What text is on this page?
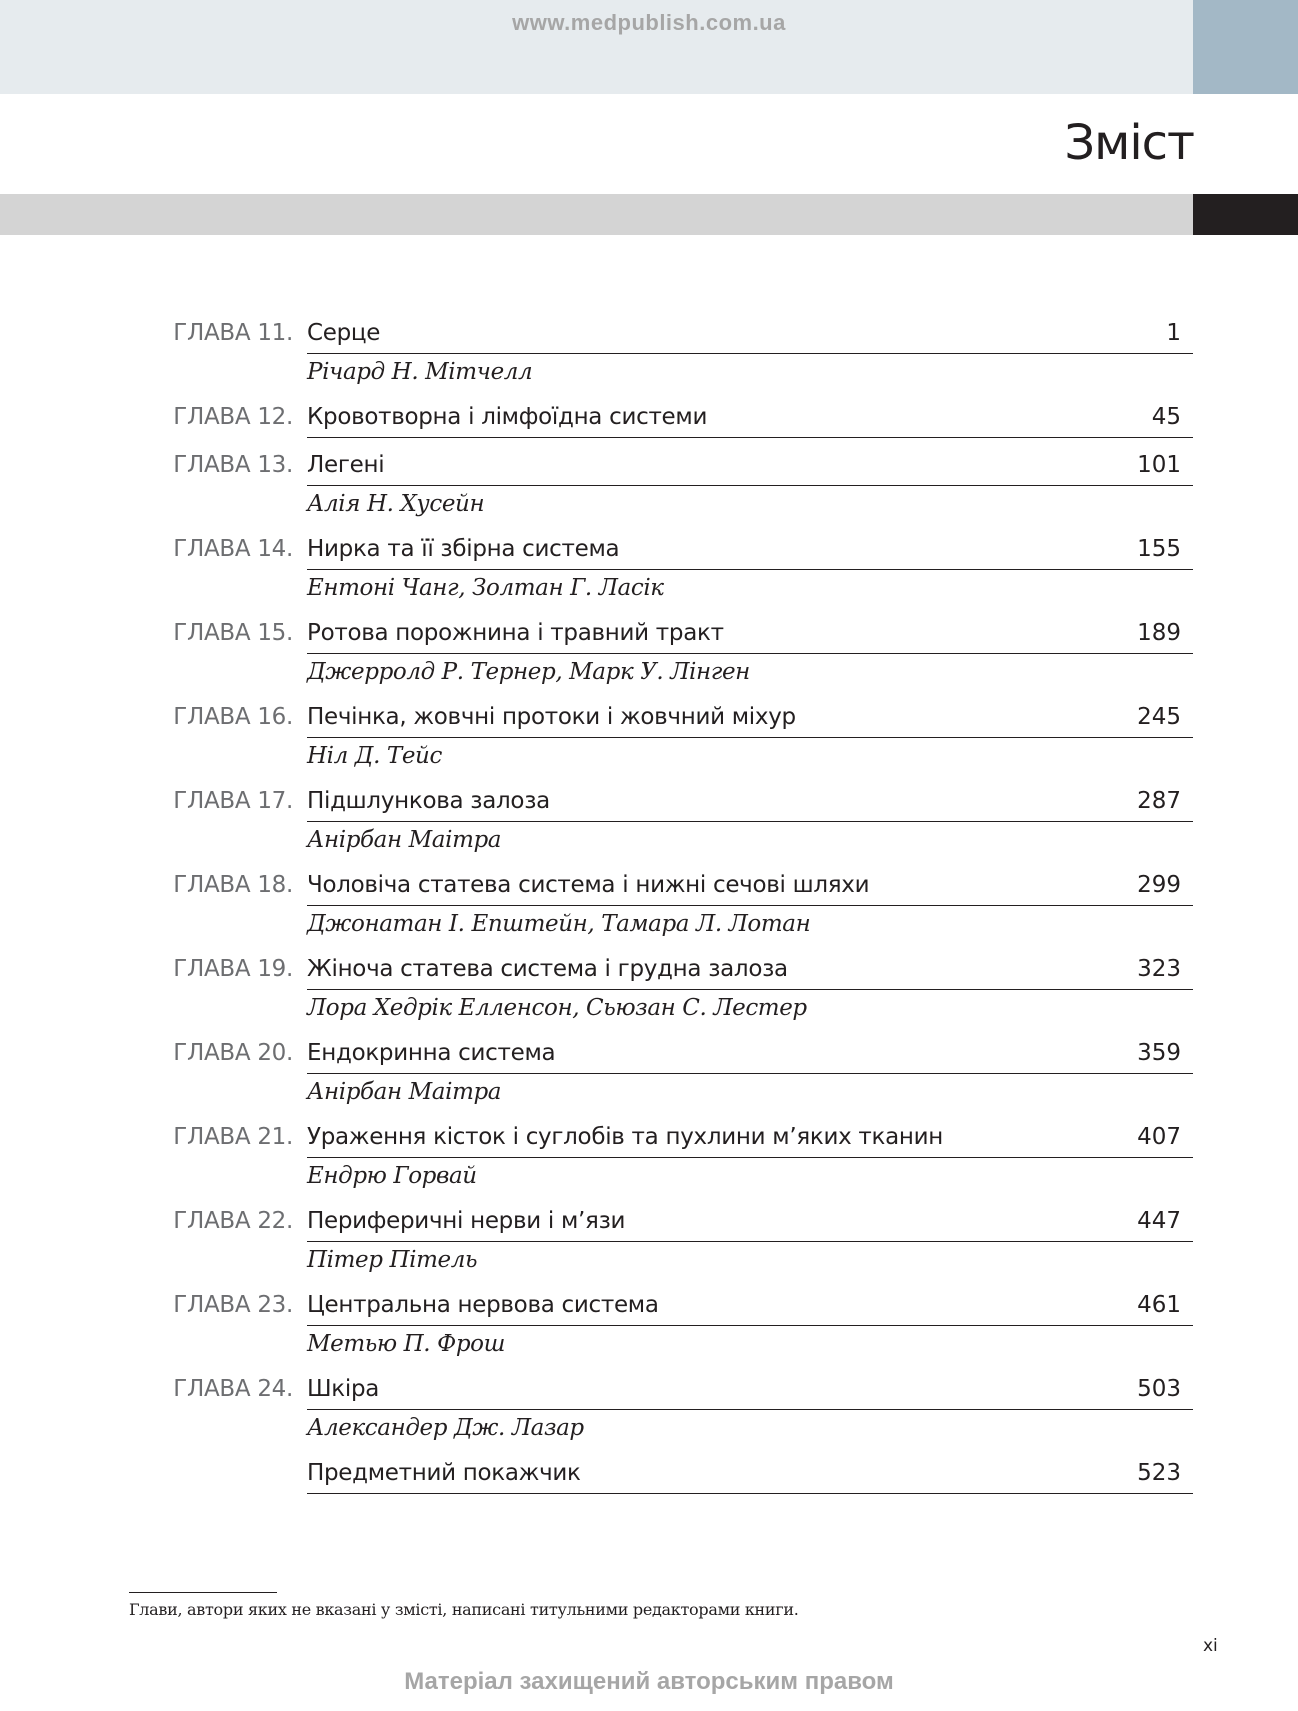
www.medpublish.com.ua
Зміст
ГЛАВА 11. Серце	1
Річард Н. Мітчелл
ГЛАВА 12. Кровотворна і лімфоїдна системи	45
ГЛАВА 13. Легені	101
Алія Н. Хусейн
ГЛАВА 14. Нирка та її збірна система	155
Ентоні Чанг, Золтан Г. Ласік
ГЛАВА 15. Ротова порожнина і травний тракт	189
Джерролд Р. Тернер, Марк У. Лінген
ГЛАВА 16. Печінка, жовчні протоки і жовчний міхур	245
Ніл Д. Тейс
ГЛАВА 17. Підшлункова залоза	287
Анірбан Маітра
ГЛАВА 18. Чоловіча статева система і нижні сечові шляхи	299
Джонатан І. Епштейн, Тамара Л. Лотан
ГЛАВА 19. Жіноча статева система і грудна залоза	323
Лора Хедрік Елленсон, Сьюзан С. Лестер
ГЛАВА 20. Ендокринна система	359
Анірбан Маітра
ГЛАВА 21. Ураження кісток і суглобів та пухлини м’яких тканин	407
Ендрю Горвай
ГЛАВА 22. Периферичні нерви і м’язи	447
Пітер Пітель
ГЛАВА 23. Центральна нервова система	461
Метью П. Фрош
ГЛАВА 24. Шкіра	503
Александер Дж. Лазар
Предметний покажчик	523
Глави, автори яких не вказані у змісті, написані титульними редакторами книги.
xi
Матеріал захищений авторським правом
